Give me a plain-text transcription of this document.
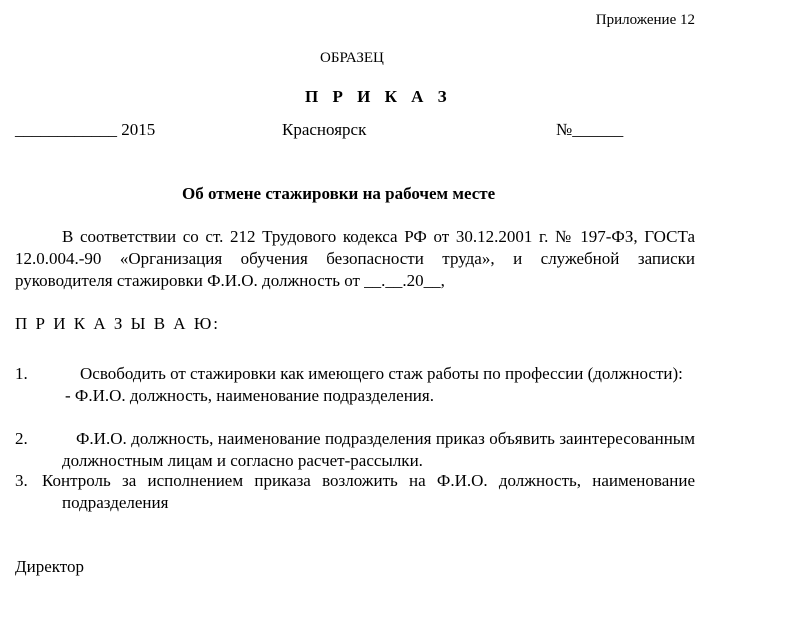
Приложение 12
ОБРАЗЕЦ
П Р И К А З
____________ 2015	Красноярск	№______
Об отмене стажировки на рабочем месте
В соответствии со ст. 212 Трудового кодекса РФ от 30.12.2001 г. № 197-ФЗ, ГОСТа 12.0.004.-90 «Организация обучения безопасности труда», и служебной записки руководителя стажировки Ф.И.О. должность от __.__.20__,
П Р И К А З Ы В А Ю:
1.	Освободить от стажировки как имеющего стаж работы по профессии (должности):
- Ф.И.О. должность, наименование подразделения.
2.	Ф.И.О. должность, наименование подразделения приказ объявить заинтересованным должностным лицам и согласно расчет-рассылки.
3. Контроль за исполнением приказа возложить на Ф.И.О. должность, наименование подразделения
Директор
